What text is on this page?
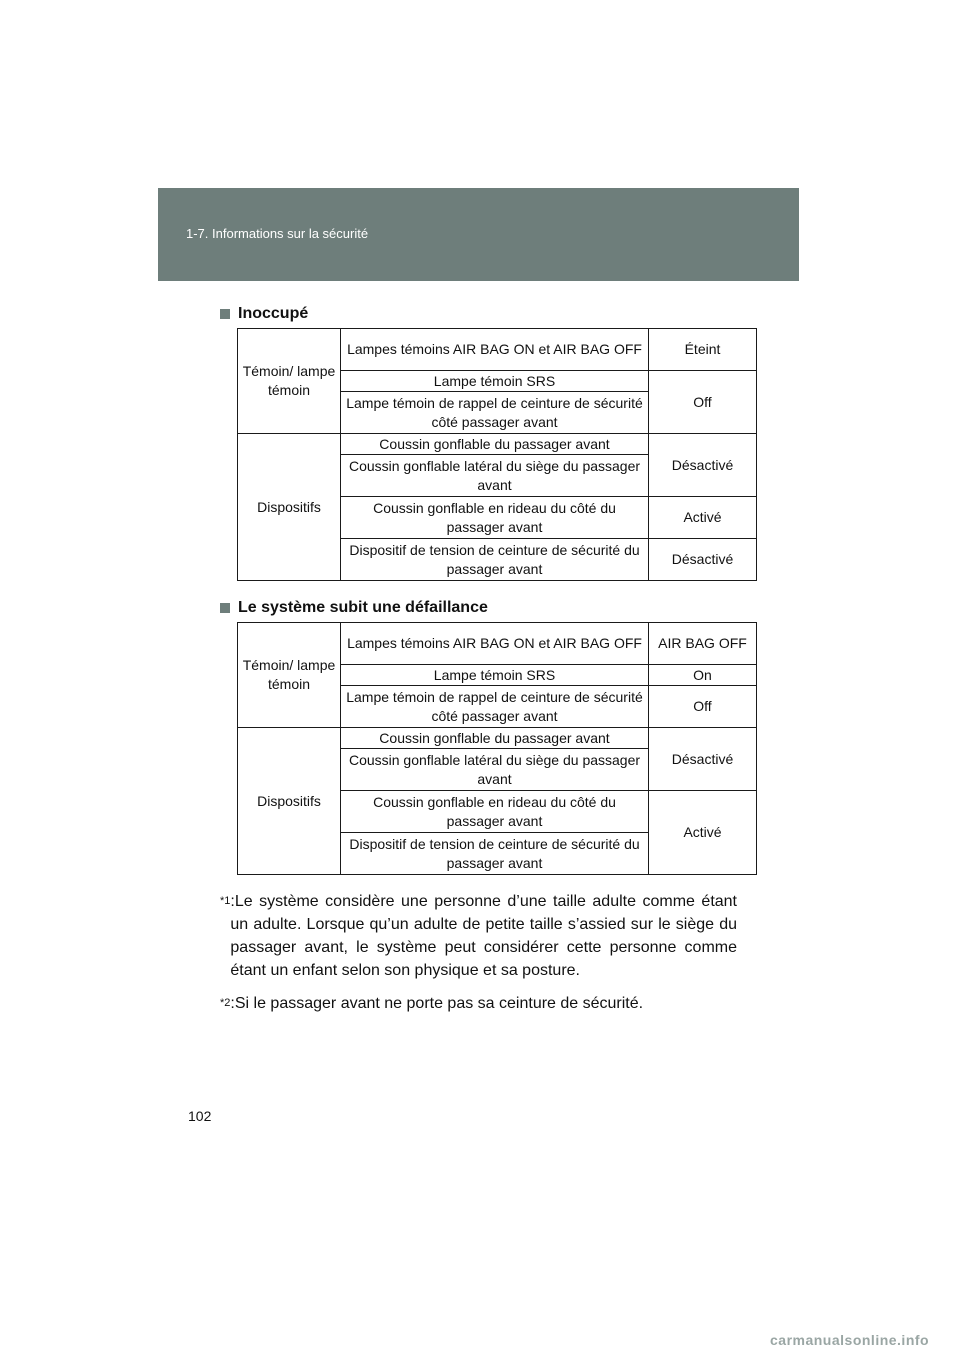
1-7. Informations sur la sécurité
Inoccupé
Témoin/ lampe témoin	Lampes témoins AIR BAG ON et AIR BAG OFF	Éteint
	Lampe témoin SRS	Off
	Lampe témoin de rappel de ceinture de sécurité côté passager avant	
Dispositifs	Coussin gonflable du passager avant	Désactivé
	Coussin gonflable latéral du siège du passager avant	
	Coussin gonflable en rideau du côté du passager avant	Activé
	Dispositif de tension de ceinture de sécurité du passager avant	Désactivé
Le système subit une défaillance
Témoin/ lampe témoin	Lampes témoins AIR BAG ON et AIR BAG OFF	AIR BAG OFF
	Lampe témoin SRS	On
	Lampe témoin de rappel de ceinture de sécurité côté passager avant	Off
Dispositifs	Coussin gonflable du passager avant	Désactivé
	Coussin gonflable latéral du siège du passager avant	
	Coussin gonflable en rideau du côté du passager avant	Activé
	Dispositif de tension de ceinture de sécurité du passager avant	
$^{*1}$ :Le système considère une personne d’une taille adulte comme étant un adulte. Lorsque qu’un adulte de petite taille s’assied sur le siège du passager avant, le système peut considérer cette personne comme étant un enfant selon son physique et sa posture.
$^{*2}$ :Si le passager avant ne porte pas sa ceinture de sécurité.
102
carmanualsonline.info
